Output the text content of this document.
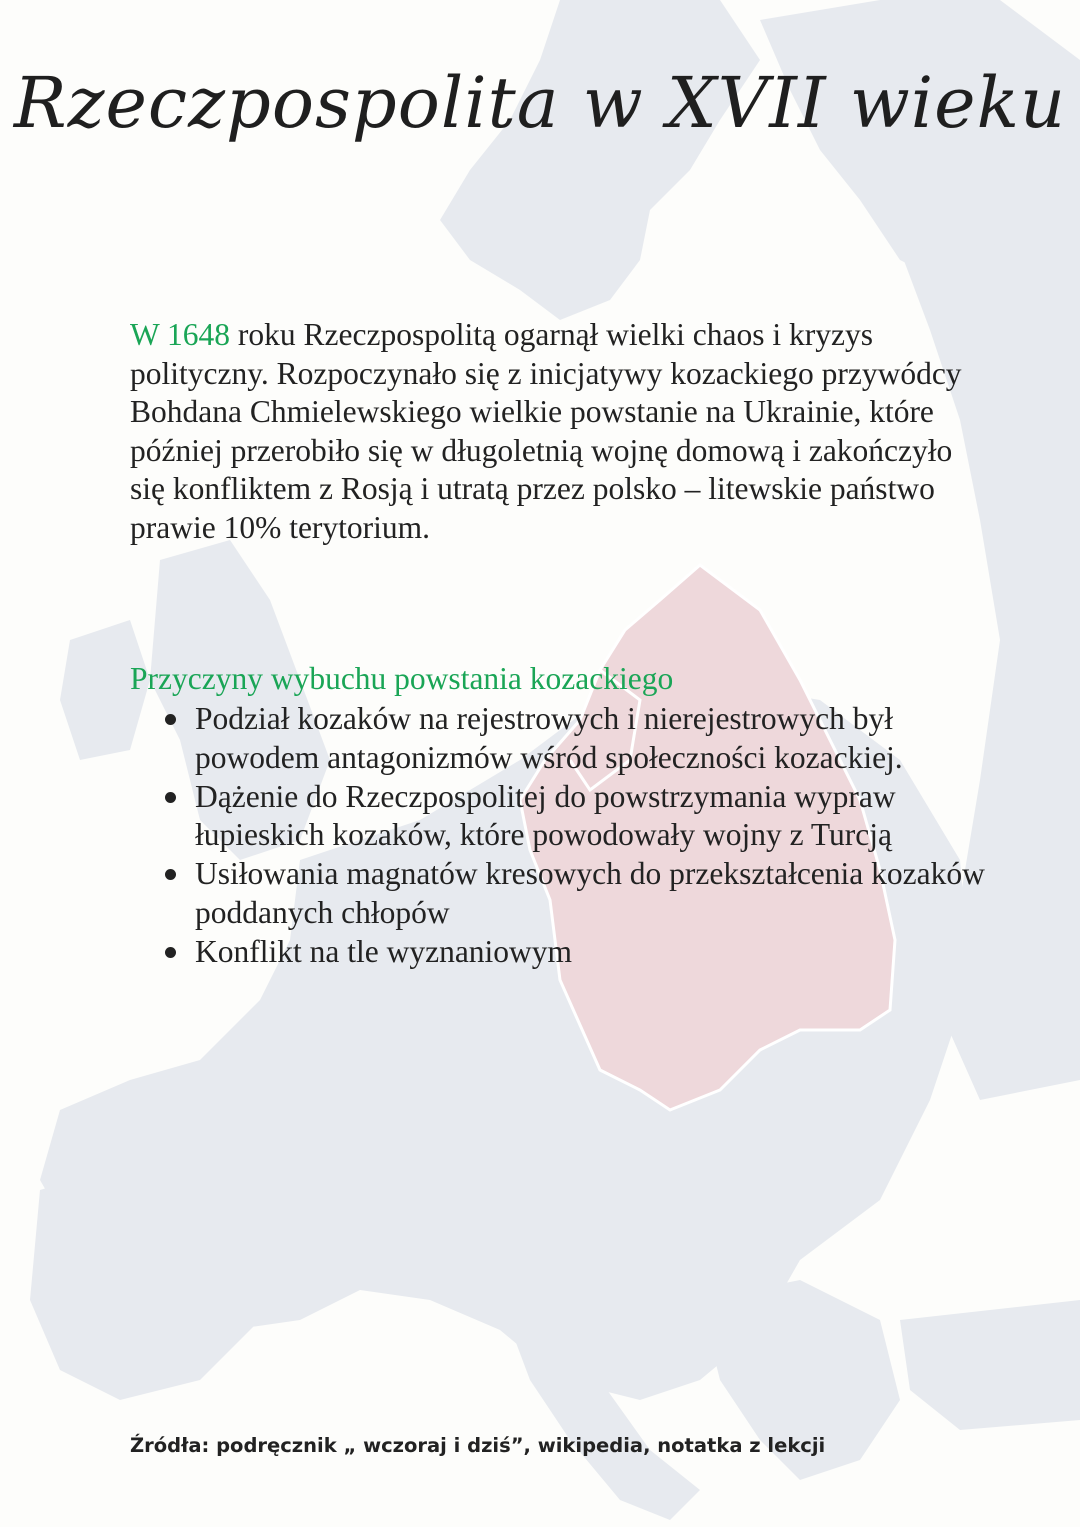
Rzeczpospolita w XVII wieku

W 1648 roku Rzeczpospolitą ogarnął wielki chaos i kryzys polityczny. Rozpoczynało się z inicjatywy kozackiego przywódcy Bohdana Chmielewskiego wielkie powstanie na Ukrainie, które później przerobiło się w długoletnią wojnę domową i zakończyło się konfliktem z Rosją i utratą przez polsko – litewskie państwo prawie 10% terytorium.

Przyczyny wybuchu powstania kozackiego
Podział kozaków na rejestrowych i nierejestrowych był powodem antagonizmów wśród społeczności kozackiej.
Dążenie do Rzeczpospolitej do powstrzymania wypraw łupieskich kozaków, które powodowały wojny z Turcją
Usiłowania magnatów kresowych do przekształcenia kozaków poddanych chłopów
Konflikt na tle wyznaniowym

Źródła: podręcznik „ wczoraj i dziś”, wikipedia, notatka z lekcji
